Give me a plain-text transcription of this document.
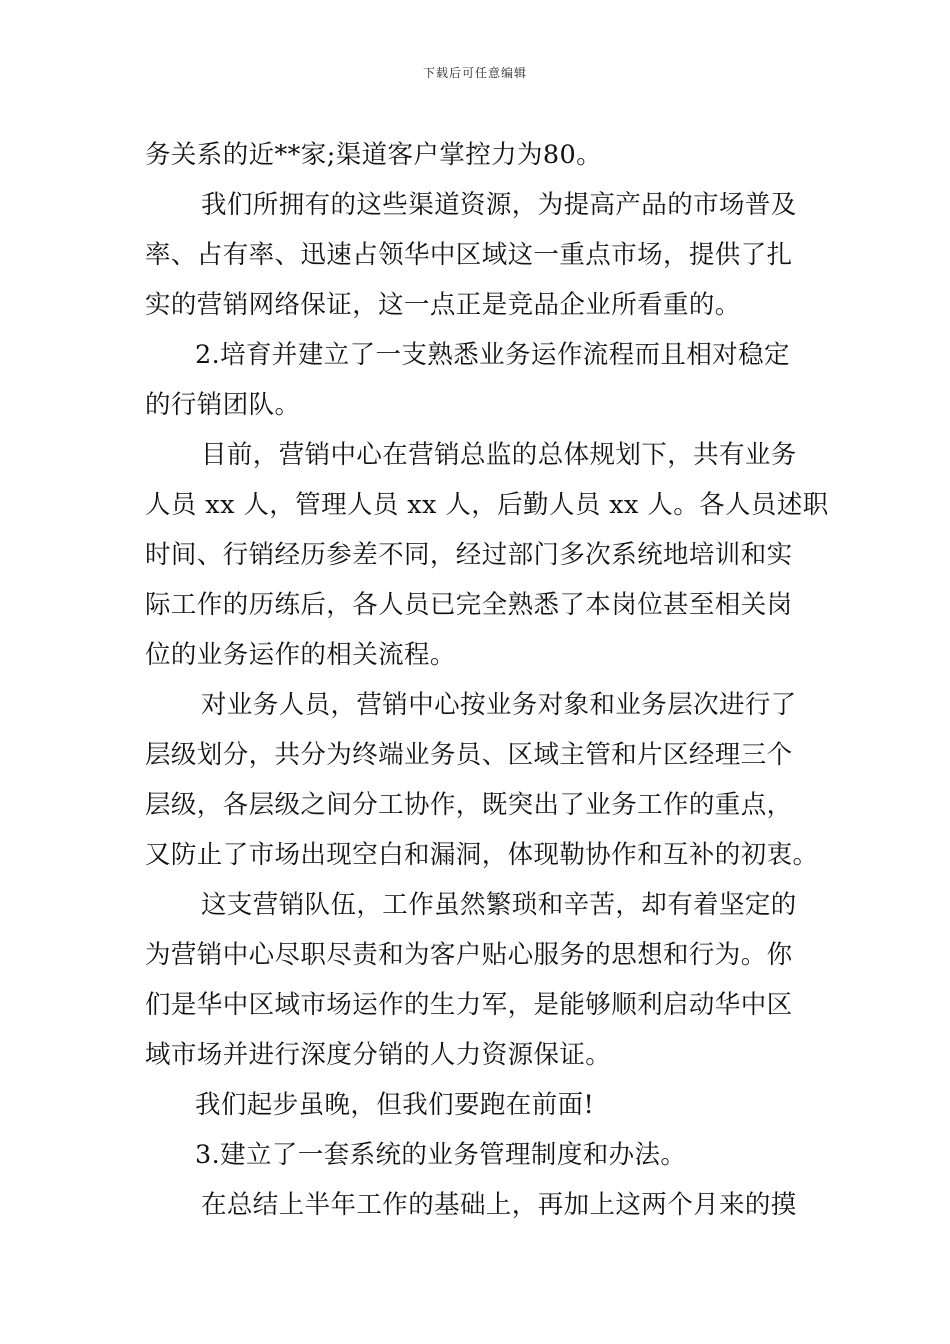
下载后可任意编辑
务关系的近**家;渠道客户掌控力为80。
我们所拥有的这些渠道资源，为提高产品的市场普及
率、占有率、迅速占领华中区域这一重点市场，提供了扎
实的营销网络保证，这一点正是竞品企业所看重的。
2.培育并建立了一支熟悉业务运作流程而且相对稳定
的行销团队。
目前，营销中心在营销总监的总体规划下，共有业务
人员 xx 人，管理人员 xx 人，后勤人员 xx 人。各人员述职
时间、行销经历参差不同，经过部门多次系统地培训和实
际工作的历练后，各人员已完全熟悉了本岗位甚至相关岗
位的业务运作的相关流程。
对业务人员，营销中心按业务对象和业务层次进行了
层级划分，共分为终端业务员、区域主管和片区经理三个
层级，各层级之间分工协作，既突出了业务工作的重点，
又防止了市场出现空白和漏洞，体现勒协作和互补的初衷。
这支营销队伍，工作虽然繁琐和辛苦，却有着坚定的
为营销中心尽职尽责和为客户贴心服务的思想和行为。你
们是华中区域市场运作的生力军，是能够顺利启动华中区
域市场并进行深度分销的人力资源保证。
我们起步虽晚，但我们要跑在前面!
3.建立了一套系统的业务管理制度和办法。
在总结上半年工作的基础上，再加上这两个月来的摸
